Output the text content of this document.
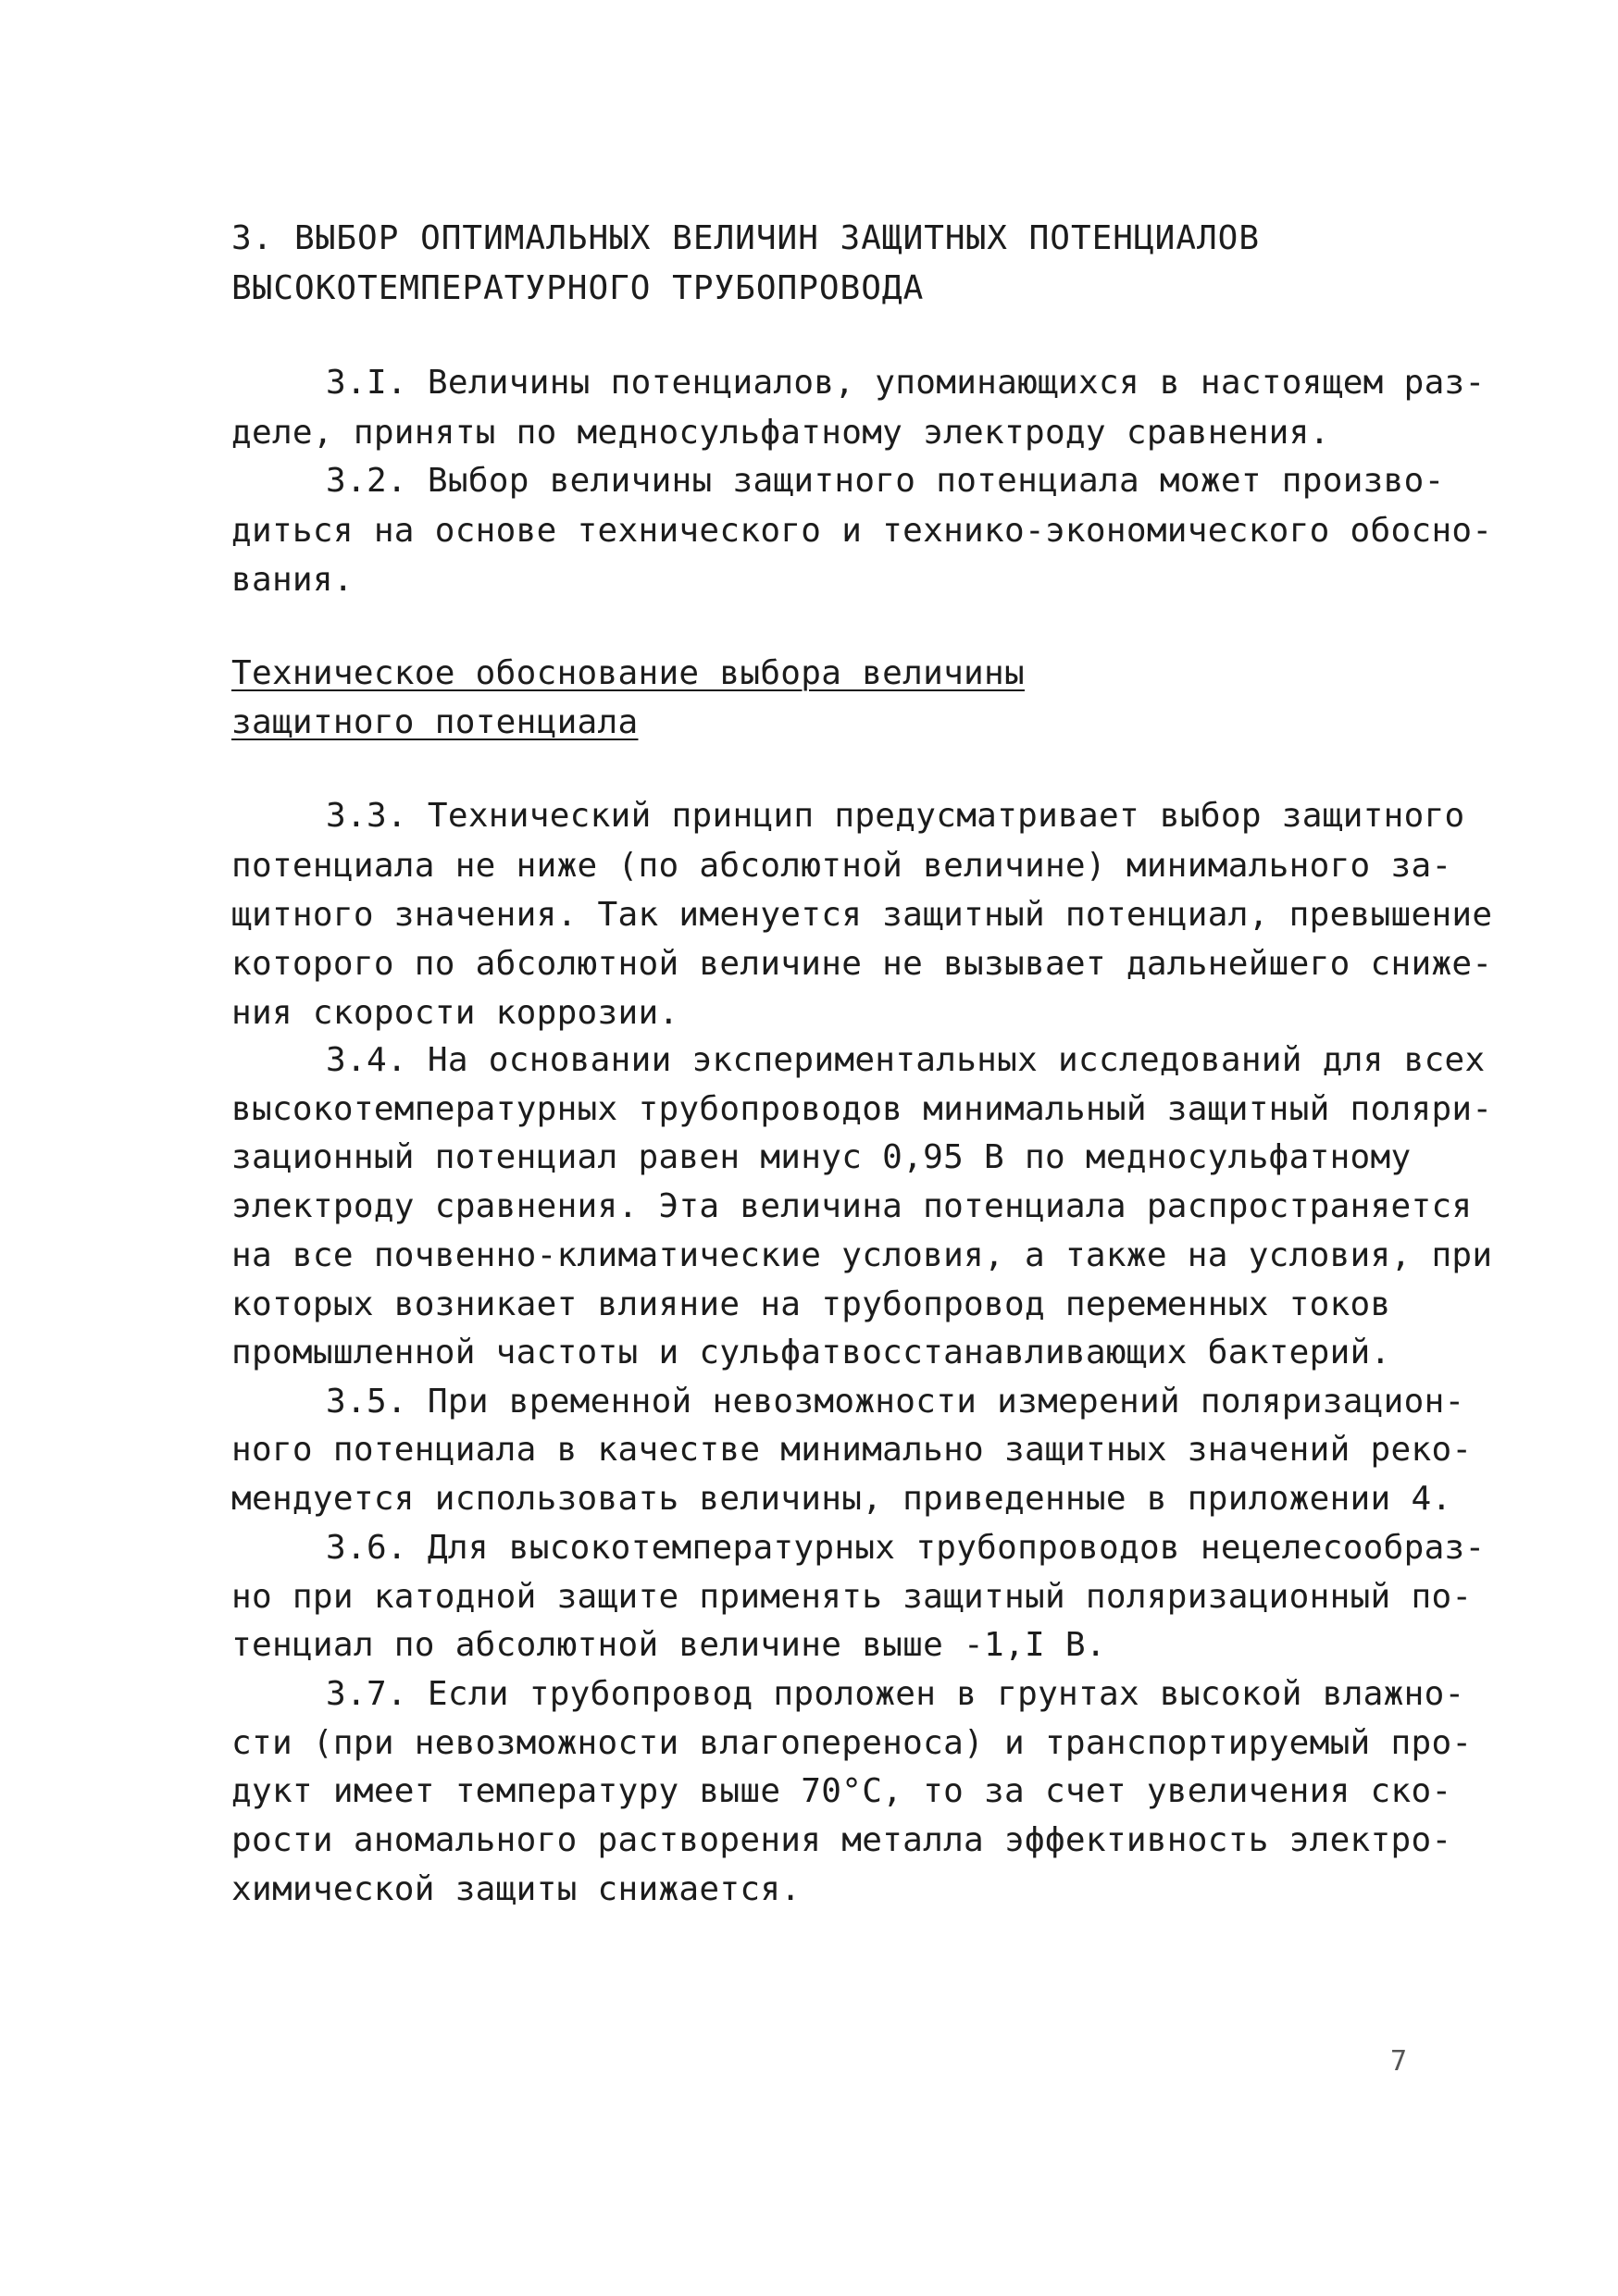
3. ВЫБОР ОПТИМАЛЬНЫХ ВЕЛИЧИН ЗАЩИТНЫХ ПОТЕНЦИАЛОВ
ВЫСОКОТЕМПЕРАТУРНОГО ТРУБОПРОВОДА
3.I. Величины потенциалов, упоминающихся в настоящем раз-
деле, приняты по медносульфатному электроду сравнения.
3.2. Выбор величины защитного потенциала может произво-
диться на основе технического и технико-экономического обосно-
вания.
Техническое обоснование выбора величины
защитного потенциала
3.3. Технический принцип предусматривает выбор защитного
потенциала не ниже (по абсолютной величине) минимального за-
щитного значения. Так именуется защитный потенциал, превышение
которого по абсолютной величине не вызывает дальнейшего сниже-
ния скорости коррозии.
3.4. На основании экспериментальных исследований для всех
высокотемпературных трубопроводов минимальный защитный поляри-
зационный потенциал равен минус 0,95 В по медносульфатному
электроду сравнения. Эта величина потенциала распространяется
на все почвенно-климатические условия, а также на условия, при
которых возникает влияние на трубопровод переменных токов
промышленной частоты и сульфатвосстанавливающих бактерий.
3.5. При временной невозможности измерений поляризацион-
ного потенциала в качестве минимально защитных значений реко-
мендуется использовать величины, приведенные в приложении 4.
3.6. Для высокотемпературных трубопроводов нецелесообраз-
но при катодной защите применять защитный поляризационный по-
тенциал по абсолютной величине выше -1,I В.
3.7. Если трубопровод проложен в грунтах высокой влажно-
сти (при невозможности влагопереноса) и транспортируемый про-
дукт имеет температуру выше 70°С, то за счет увеличения ско-
рости аномального растворения металла эффективность электро-
химической защиты снижается.
7
